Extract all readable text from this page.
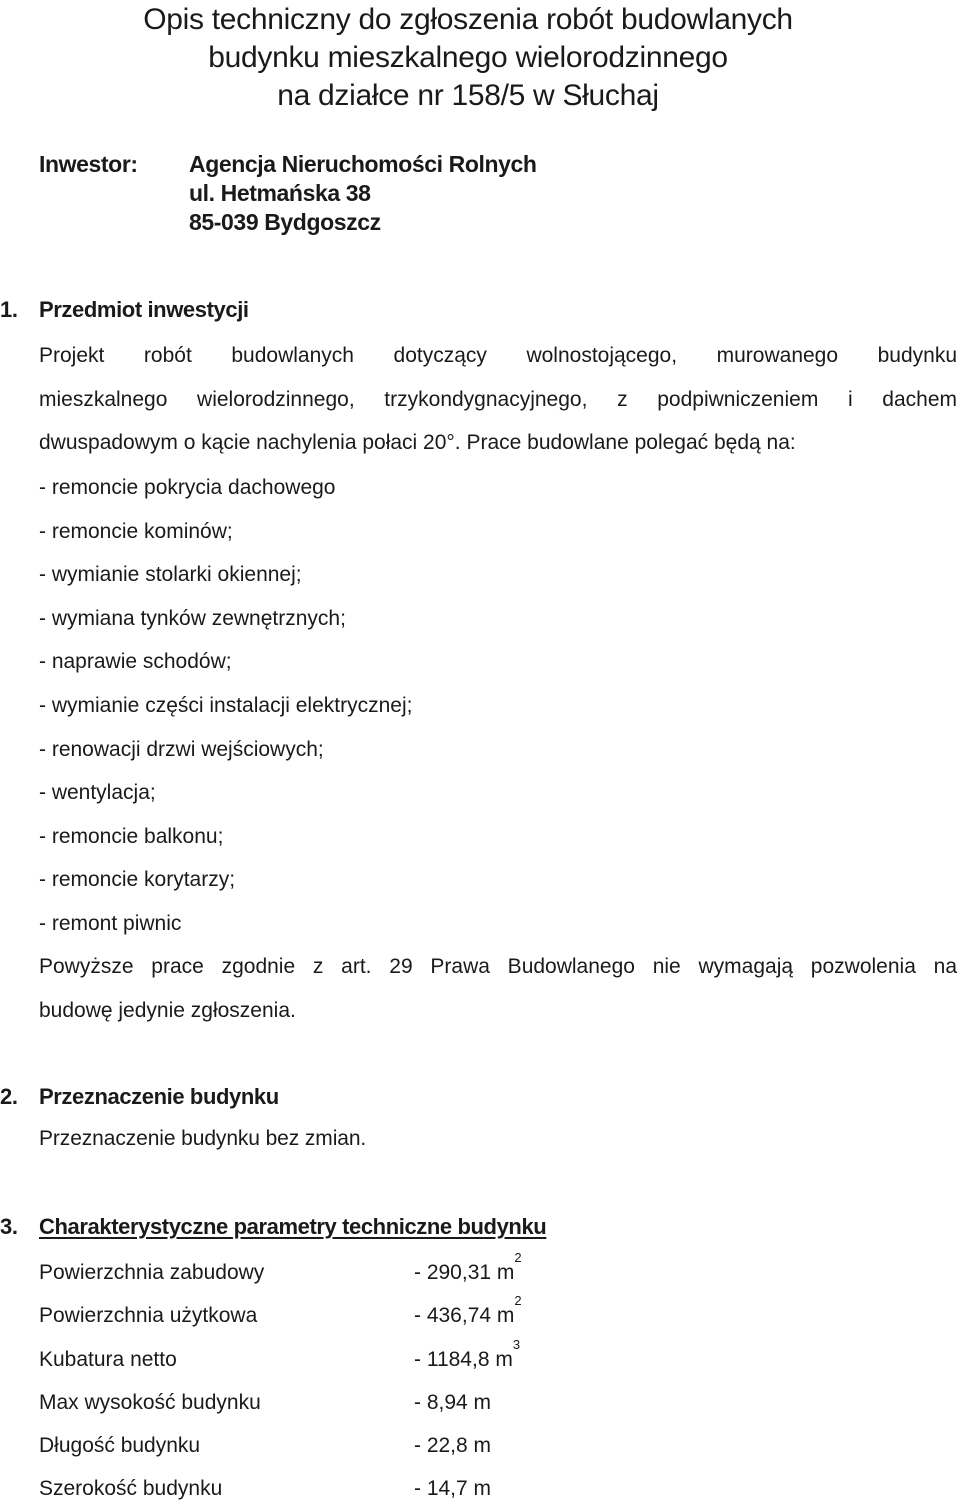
Opis techniczny do zgłoszenia robót budowlanych
budynku mieszkalnego wielorodzinnego
na działce nr 158/5 w Słuchaj
Inwestor: Agencja Nieruchomości Rolnych
ul. Hetmańska 38
85-039 Bydgoszcz
1. Przedmiot inwestycji
Projekt robót budowlanych dotyczący wolnostojącego, murowanego budynku
mieszkalnego wielorodzinnego, trzykondygnacyjnego, z podpiwniczeniem i dachem
dwuspadowym o kącie nachylenia połaci 20°. Prace budowlane polegać będą na:
- remoncie pokrycia dachowego
- remoncie kominów;
- wymianie stolarki okiennej;
- wymiana tynków zewnętrznych;
- naprawie schodów;
- wymianie części instalacji elektrycznej;
- renowacji drzwi wejściowych;
- wentylacja;
- remoncie balkonu;
- remoncie korytarzy;
- remont piwnic
Powyższe prace zgodnie z art. 29 Prawa Budowlanego nie wymagają pozwolenia na
budowę jedynie zgłoszenia.
2. Przeznaczenie budynku
Przeznaczenie budynku bez zmian.
3. Charakterystyczne parametry techniczne budynku
Powierzchnia zabudowy	- 290,31 $m^2$
Powierzchnia użytkowa	- 436,74 $m^2$
Kubatura netto	- 1184,8 $m^3$
Max wysokość budynku	- 8,94 m
Długość budynku	- 22,8 m
Szerokość budynku	- 14,7 m
